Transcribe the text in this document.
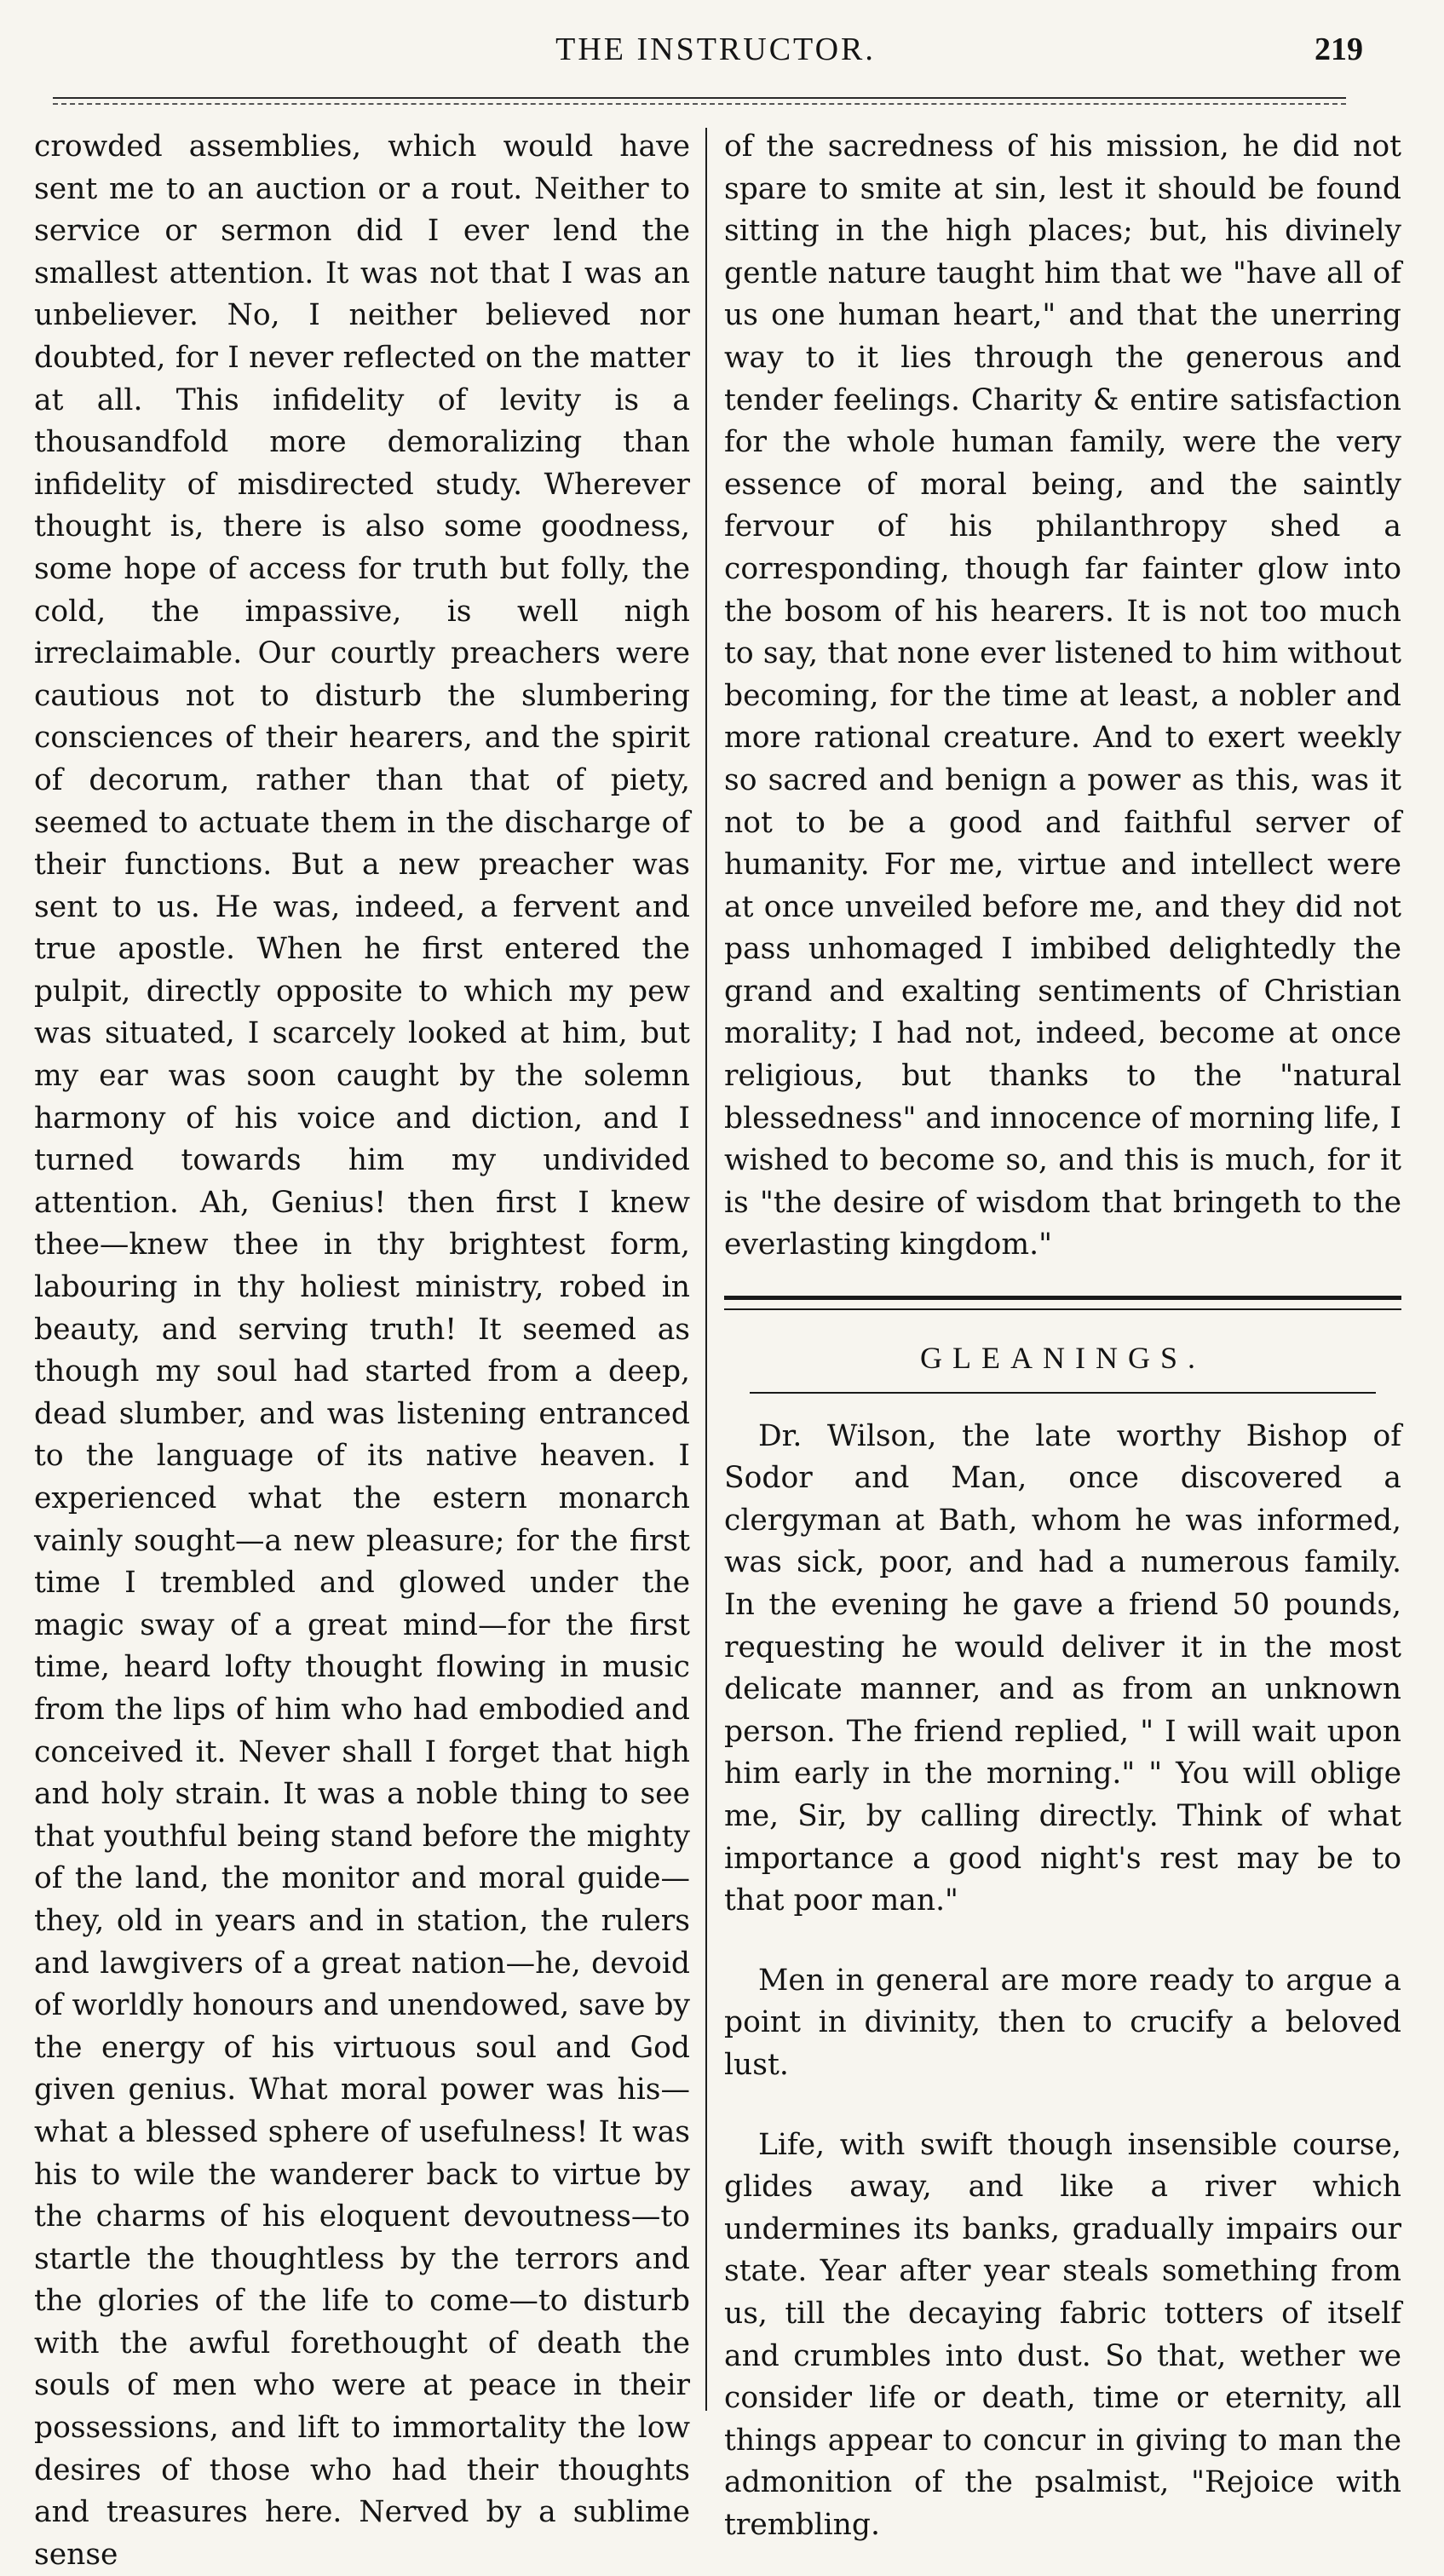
THE INSTRUCTOR.	219

crowded assemblies, which would have sent me to an auction or a rout. Neither to service or sermon did I ever lend the smallest attention. It was not that I was an unbeliever. No, I neither believed nor doubted, for I never reflected on the matter at all. This infidelity of levity is a thousandfold more demoralizing than infidelity of misdirected study. Wherever thought is, there is also some goodness, some hope of access for truth but folly, the cold, the impassive, is well nigh irreclaimable. Our courtly preachers were cautious not to disturb the slumbering consciences of their hearers, and the spirit of decorum, rather than that of piety, seemed to actuate them in the discharge of their functions. But a new preacher was sent to us. He was, indeed, a fervent and true apostle. When he first entered the pulpit, directly opposite to which my pew was situated, I scarcely looked at him, but my ear was soon caught by the solemn harmony of his voice and diction, and I turned towards him my undivided attention. Ah, Genius! then first I knew thee—knew thee in thy brightest form, labouring in thy holiest ministry, robed in beauty, and serving truth! It seemed as though my soul had started from a deep, dead slumber, and was listening entranced to the language of its native heaven. I experienced what the estern monarch vainly sought—a new pleasure; for the first time I trembled and glowed under the magic sway of a great mind—for the first time, heard lofty thought flowing in music from the lips of him who had embodied and conceived it. Never shall I forget that high and holy strain. It was a noble thing to see that youthful being stand before the mighty of the land, the monitor and moral guide—they, old in years and in station, the rulers and lawgivers of a great nation—he, devoid of worldly honours and unendowed, save by the energy of his virtuous soul and God given genius. What moral power was his—what a blessed sphere of usefulness! It was his to wile the wanderer back to virtue by the charms of his eloquent devoutness—to startle the thoughtless by the terrors and the glories of the life to come—to disturb with the awful forethought of death the souls of men who were at peace in their possessions, and lift to immortality the low desires of those who had their thoughts and treasures here. Nerved by a sublime sense

of the sacredness of his mission, he did not spare to smite at sin, lest it should be found sitting in the high places; but, his divinely gentle nature taught him that we "have all of us one human heart," and that the unerring way to it lies through the generous and tender feelings. Charity & entire satisfaction for the whole human family, were the very essence of moral being, and the saintly fervour of his philanthropy shed a corresponding, though far fainter glow into the bosom of his hearers. It is not too much to say, that none ever listened to him without becoming, for the time at least, a nobler and more rational creature. And to exert weekly so sacred and benign a power as this, was it not to be a good and faithful server of humanity. For me, virtue and intellect were at once unveiled before me, and they did not pass unhomaged I imbibed delightedly the grand and exalting sentiments of Christian morality; I had not, indeed, become at once religious, but thanks to the "natural blessedness" and innocence of morning life, I wished to become so, and this is much, for it is "the desire of wisdom that bringeth to the everlasting kingdom."

GLEANINGS.

Dr. Wilson, the late worthy Bishop of Sodor and Man, once discovered a clergyman at Bath, whom he was informed, was sick, poor, and had a numerous family. In the evening he gave a friend 50 pounds, requesting he would deliver it in the most delicate manner, and as from an unknown person. The friend replied, " I will wait upon him early in the morning." " You will oblige me, Sir, by calling directly. Think of what importance a good night's rest may be to that poor man."

Men in general are more ready to argue a point in divinity, then to crucify a beloved lust.

Life, with swift though insensible course, glides away, and like a river which undermines its banks, gradually impairs our state. Year after year steals something from us, till the decaying fabric totters of itself and crumbles into dust. So that, wether we consider life or death, time or eternity, all things appear to concur in giving to man the admonition of the psalmist, "Rejoice with trembling.
